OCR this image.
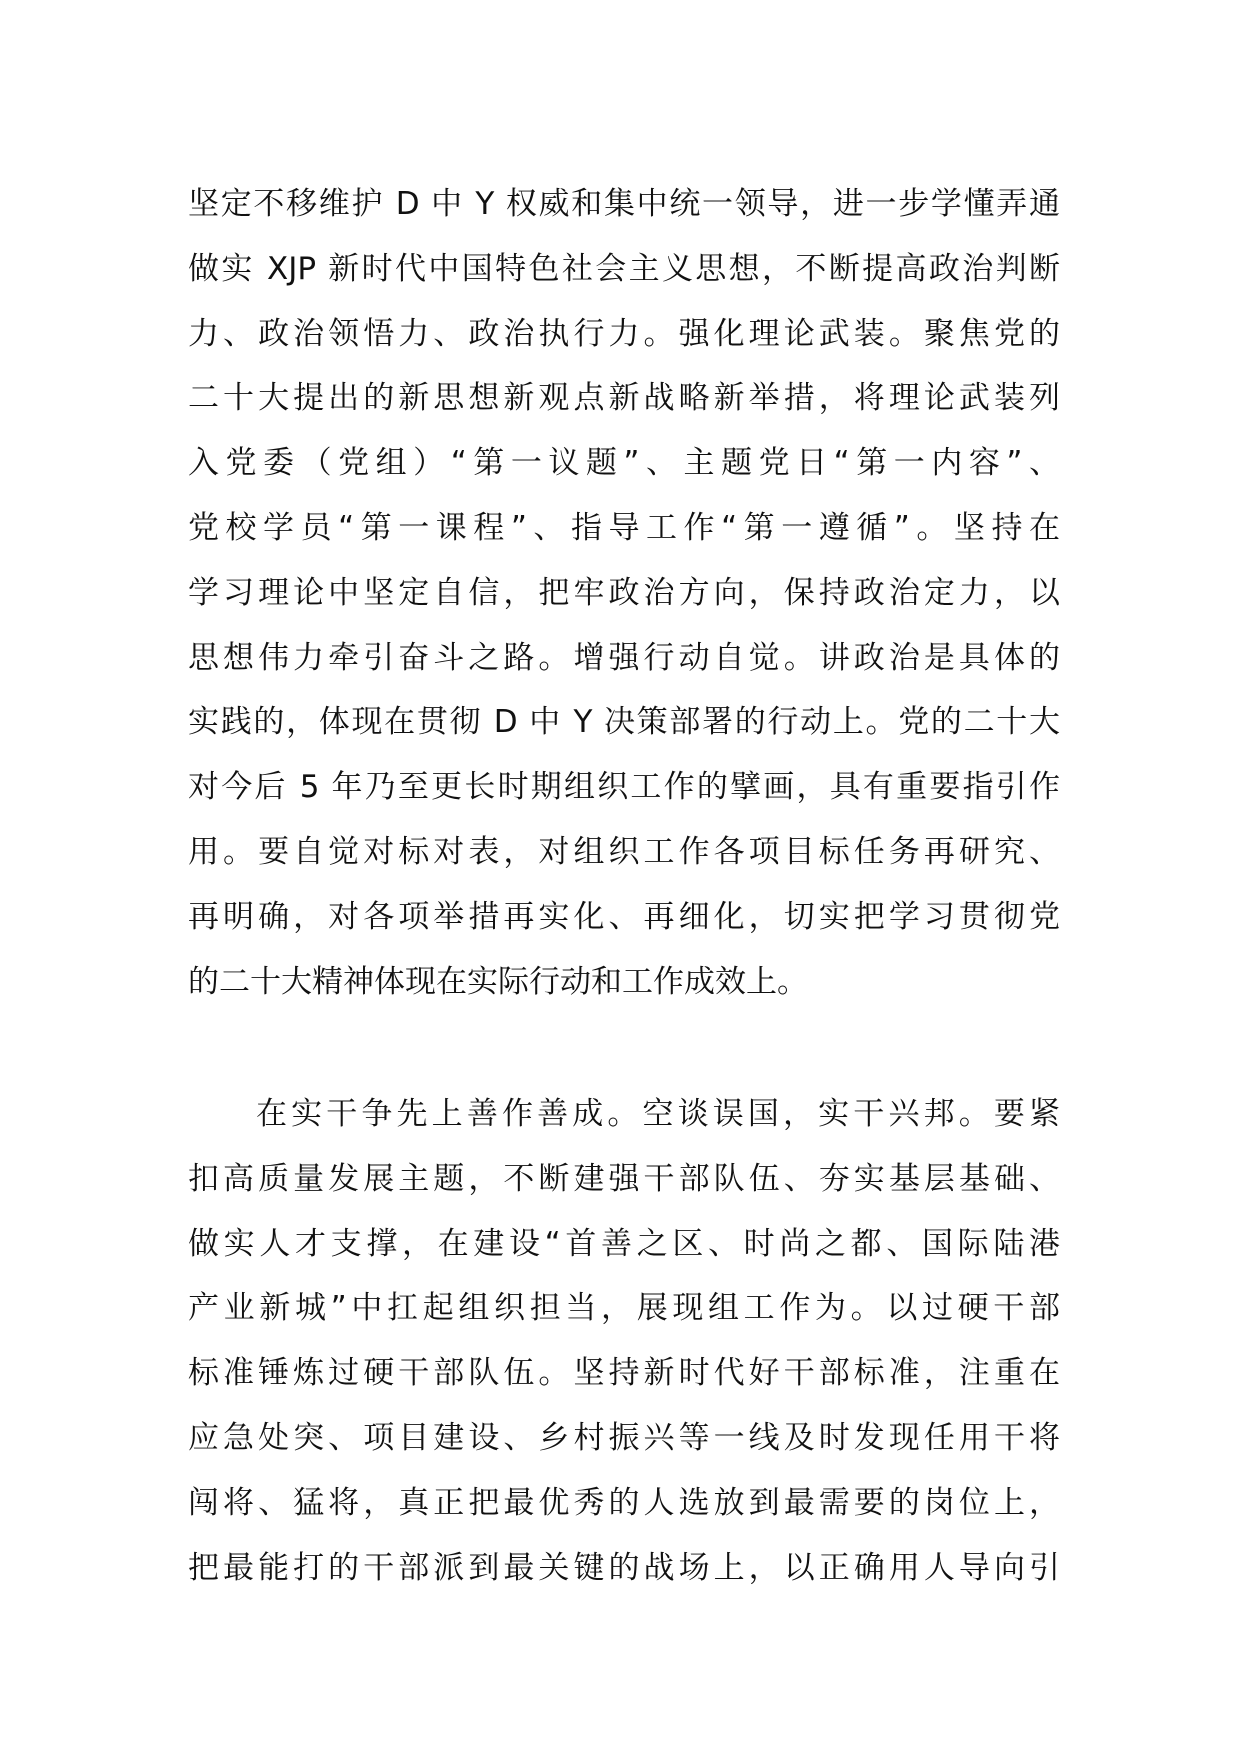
坚定不移维护 D 中 Y 权威和集中统一领导，进一步学懂弄通
做实 XJP 新时代中国特色社会主义思想，不断提高政治判断
力、政治领悟力、政治执行力。强化理论武装。聚焦党的
二十大提出的新思想新观点新战略新举措，将理论武装列
入党委（党组）“第一议题”、主题党日“第一内容”、
党校学员“第一课程”、指导工作“第一遵循”。坚持在
学习理论中坚定自信，把牢政治方向，保持政治定力，以
思想伟力牵引奋斗之路。增强行动自觉。讲政治是具体的
实践的，体现在贯彻 D 中 Y 决策部署的行动上。党的二十大
对今后 5 年乃至更长时期组织工作的擘画，具有重要指引作
用。要自觉对标对表，对组织工作各项目标任务再研究、
再明确，对各项举措再实化、再细化，切实把学习贯彻党
的二十大精神体现在实际行动和工作成效上。
在实干争先上善作善成。空谈误国，实干兴邦。要紧
扣高质量发展主题，不断建强干部队伍、夯实基层基础、
做实人才支撑，在建设“首善之区、时尚之都、国际陆港
产业新城”中扛起组织担当，展现组工作为。以过硬干部
标准锤炼过硬干部队伍。坚持新时代好干部标准，注重在
应急处突、项目建设、乡村振兴等一线及时发现任用干将
闯将、猛将，真正把最优秀的人选放到最需要的岗位上，
把最能打的干部派到最关键的战场上，以正确用人导向引
